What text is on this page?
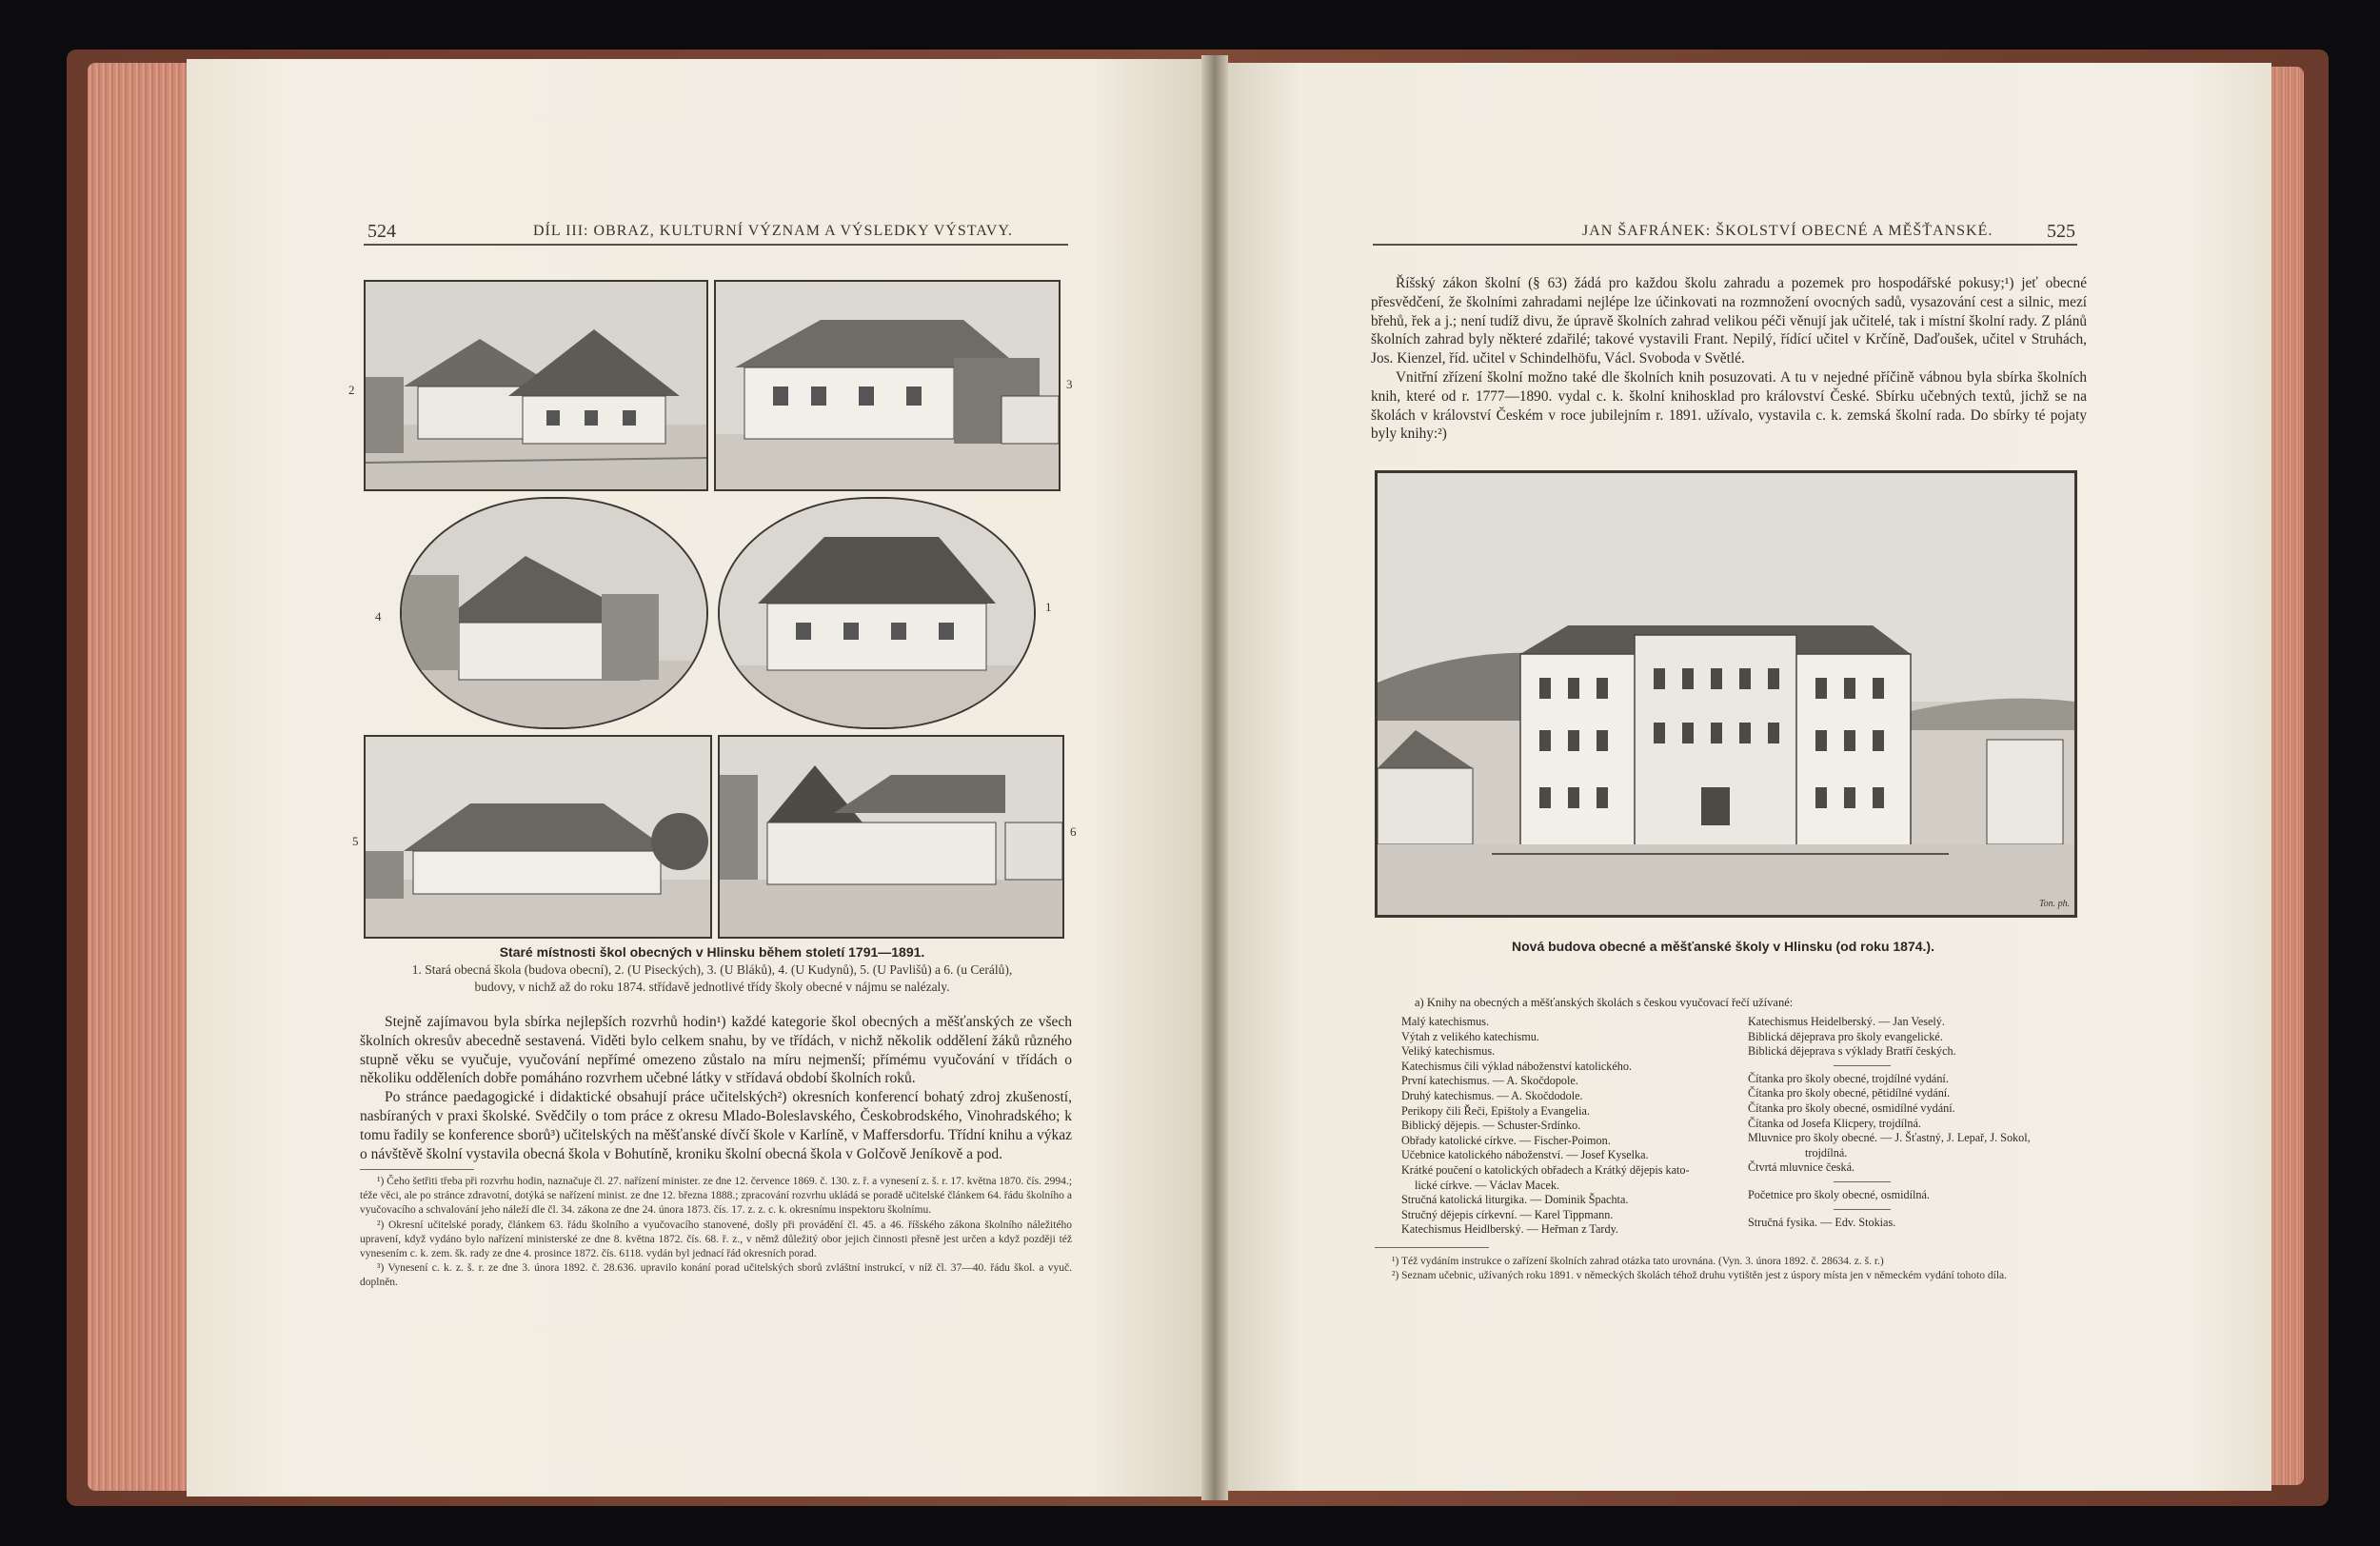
524	DÍL III: OBRAZ, KULTURNÍ VÝZNAM A VÝSLEDKY VÝSTAVY.
2	3
4
1
5
6
Staré místnosti škol obecných v Hlinsku během století 1791—1891.
1. Stará obecná škola (budova obecní), 2. (U Piseckých), 3. (U Bláků), 4. (U Kudynů), 5. (U Pavlišů) a 6. (u Cerálů),
budovy, v nichž až do roku 1874. střídavě jednotlivé třídy školy obecné v nájmu se nalézaly.

Stejně zajímavou byla sbírka nejlepších rozvrhů hodin¹) každé kategorie škol obecných a měšťanských ze všech školních okresův abecedně sestavená. Viděti bylo celkem snahu, by ve třídách, v nichž několik oddělení žáků různého stupně věku se vyučuje, vyučování nepřímé omezeno zůstalo na míru nejmenší; přímému vyučování v třídách o několiku odděleních dobře pomáháno rozvrhem učebné látky v střídavá období školních roků.

Po stránce paedagogické i didaktické obsahují práce učitelských²) okresních konferencí bohatý zdroj zkušeností, nasbíraných v praxi školské. Svědčily o tom práce z okresu Mlado-Boleslavského, Českobrodského, Vinohradského; k tomu řadily se konference sborů³) učitelských na měšťanské dívčí škole v Karlíně, v Maffersdorfu. Třídní knihu a výkaz o návštěvě školní vystavila obecná škola v Bohutíně, kroniku školní obecná škola v Golčově Jeníkově a pod.

¹) Čeho šetřiti třeba při rozvrhu hodin, naznačuje čl. 27. nařízení minister. ze dne 12. července 1869. č. 130. z. ř. a vynesení z. š. r. 17. května 1870. čís. 2994.; téže věci, ale po stránce zdravotní, dotýká se nařízení minist. ze dne 12. března 1888.; zpracování rozvrhu ukládá se poradě učitelské článkem 64. řádu školního a vyučovacího a schvalování jeho náleží dle čl. 34. zákona ze dne 24. února 1873. čís. 17. z. z. c. k. okresnímu inspektoru školnímu.

²) Okresní učitelské porady, článkem 63. řádu školního a vyučovacího stanovené, došly při provádění čl. 45. a 46. říšského zákona školního náležitého upravení, když vydáno bylo nařízení ministerské ze dne 8. května 1872. čís. 68. ř. z., v němž důležitý obor jejich činnosti přesně jest určen a když později též vynesením c. k. zem. šk. rady ze dne 4. prosince 1872. čís. 6118. vydán byl jednací řád okresních porad.

³) Vynesení c. k. z. š. r. ze dne 3. února 1892. č. 28.636. upravilo konání porad učitelských sborů zvláštní instrukcí, v níž čl. 37—40. řádu škol. a vyuč. doplněn.

JAN ŠAFRÁNEK: ŠKOLSTVÍ OBECNÉ A MĚŠŤANSKÉ.	525

Říšský zákon školní (§ 63) žádá pro každou školu zahradu a pozemek pro hospodářské pokusy;¹) jeť obecné přesvědčení, že školními zahradami nejlépe lze účinkovati na rozmnožení ovocných sadů, vysazování cest a silnic, mezí břehů, řek a j.; není tudíž divu, že úpravě školních zahrad velikou péči věnují jak učitelé, tak i místní školní rady. Z plánů školních zahrad byly některé zdařilé; takové vystavili Frant. Nepilý, řídící učitel v Krčíně, Daďoušek, učitel v Struhách, Jos. Kienzel, říd. učitel v Schindelhöfu, Václ. Svoboda v Světlé.

Vnitřní zřízení školní možno také dle školních knih posuzovati. A tu v nejedné příčině vábnou byla sbírka školních knih, které od r. 1777—1890. vydal c. k. školní knihosklad pro království České. Sbírku učebných textů, jichž se na školách v království Českém v roce jubilejním r. 1891. užívalo, vystavila c. k. zemská školní rada. Do sbírky té pojaty byly knihy:²)

Ton. ph.
Nová budova obecné a měšťanské školy v Hlinsku (od roku 1874.).
a) Knihy na obecných a měšťanských školách s českou vyučovací řečí užívané:
Malý katechismus.
Výtah z velikého katechismu.
Veliký katechismus.
Katechismus čili výklad náboženství katolického.
První katechismus. — A. Skočdopole.
Druhý katechismus. — A. Skočdodole.
Perikopy čili Řeči, Epištoly a Evangelia.
Biblický dějepis. — Schuster-Srdínko.
Obřady katolické církve. — Fischer-Poimon.
Učebnice katolického náboženství. — Josef Kyselka.
Krátké poučení o katolických obřadech a Krátký dějepis kato-
lické církve. — Václav Macek.
Stručná katolická liturgika. — Dominik Špachta.
Stručný dějepis církevní. — Karel Tippmann.
Katechismus Heidlberský. — Heřman z Tardy.
Katechismus Heidelberský. — Jan Veselý.
Biblická dějeprava pro školy evangelické.
Biblická dějeprava s výklady Bratří českých.
Čítanka pro školy obecné, trojdílné vydání.
Čítanka pro školy obecné, pětidílné vydání.
Čítanka pro školy obecné, osmidílné vydání.
Čítanka od Josefa Klicpery, trojdílná.
Mluvnice pro školy obecné. — J. Šťastný, J. Lepař, J. Sokol,
trojdílná.
Čtvrtá mluvnice česká.
Početnice pro školy obecné, osmidílná.
Stručná fysika. — Edv. Stokias.

¹) Též vydáním instrukce o zařízení školních zahrad otázka tato urovnána. (Vyn. 3. února 1892. č. 28634. z. š. r.)

²) Seznam učebnic, užívaných roku 1891. v německých školách téhož druhu vytištěn jest z úspory místa jen v německém vydání tohoto díla.
